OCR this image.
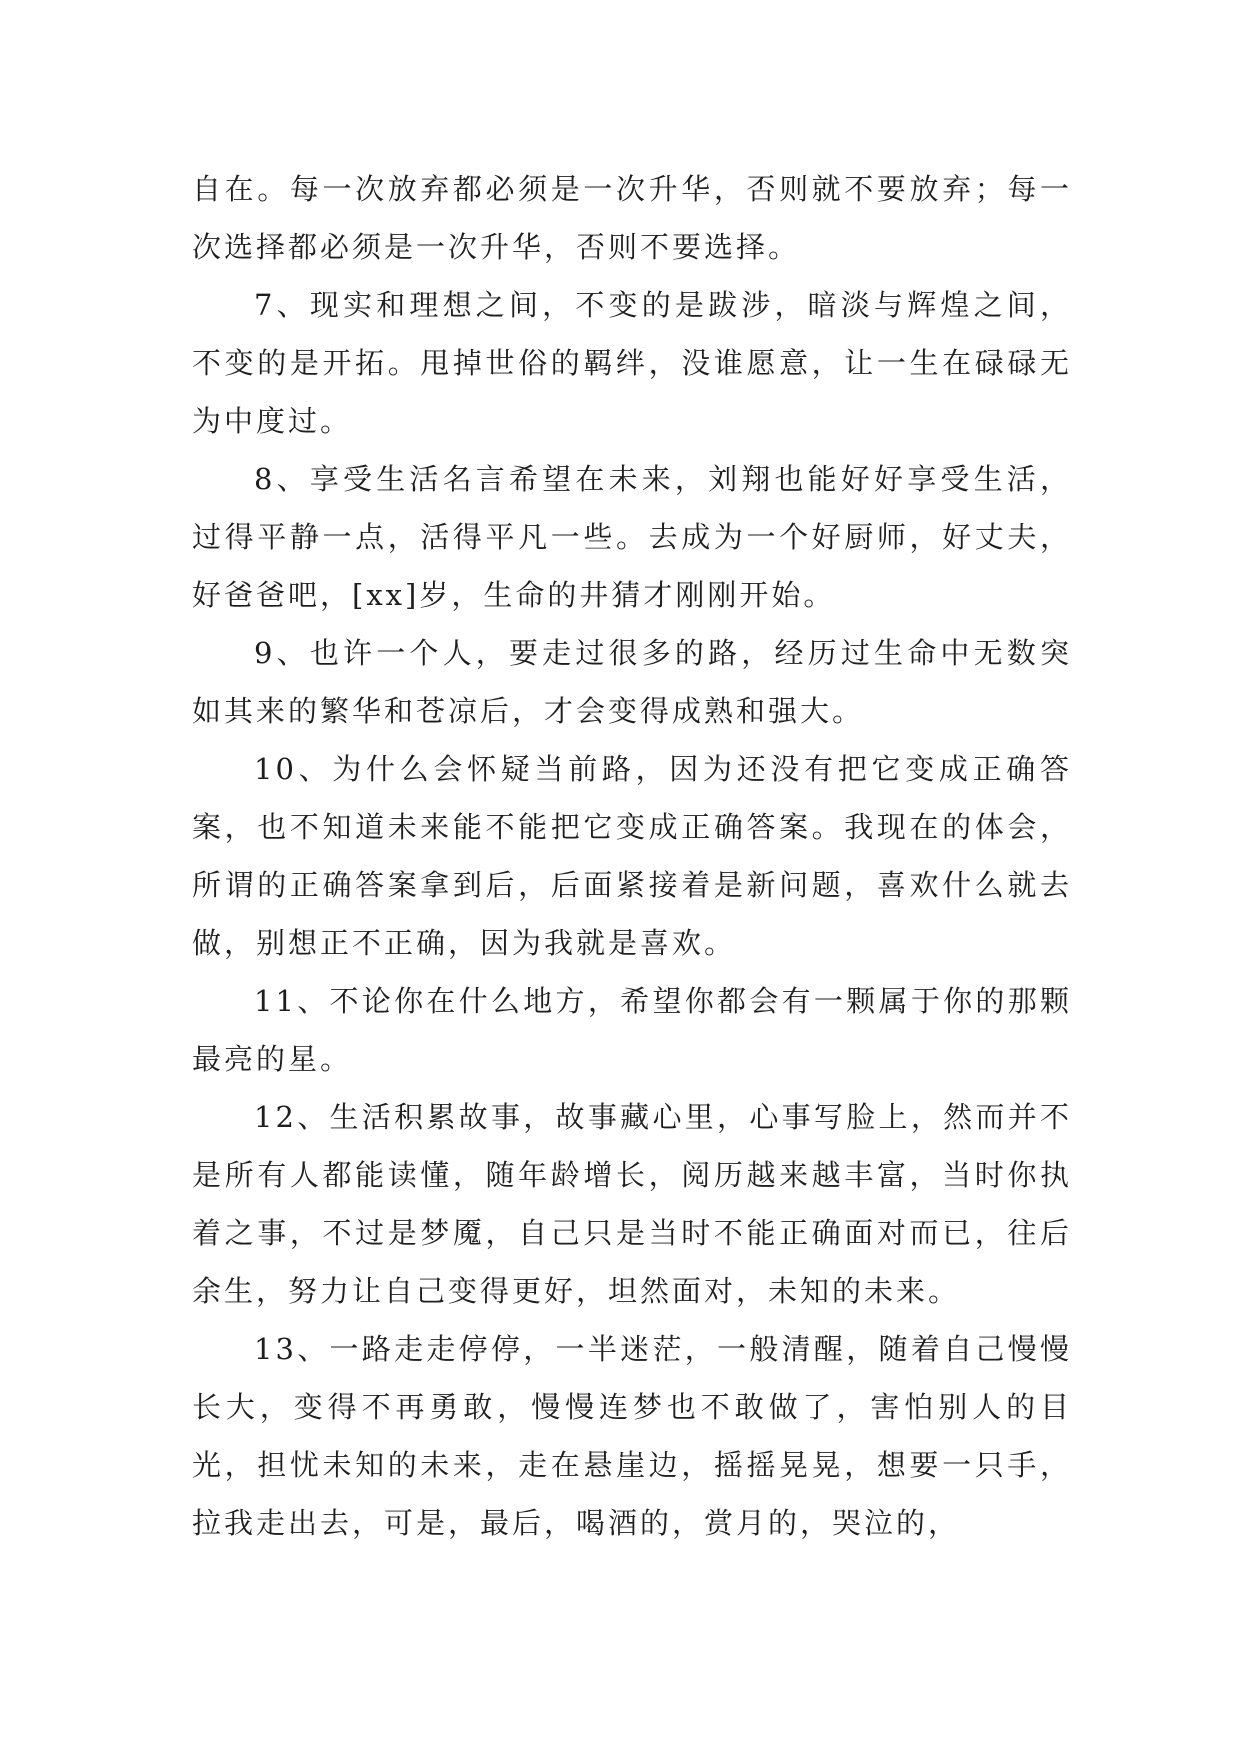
自在。每一次放弃都必须是一次升华，否则就不要放弃；每一次选择都必须是一次升华，否则不要选择。

7、现实和理想之间，不变的是跋涉，暗淡与辉煌之间，不变的是开拓。甩掉世俗的羁绊，没谁愿意，让一生在碌碌无为中度过。

8、享受生活名言希望在未来，刘翔也能好好享受生活，过得平静一点，活得平凡一些。去成为一个好厨师，好丈夫，好爸爸吧，[xx]岁，生命的井猜才刚刚开始。

9、也许一个人，要走过很多的路，经历过生命中无数突如其来的繁华和苍凉后，才会变得成熟和强大。

10、为什么会怀疑当前路，因为还没有把它变成正确答案，也不知道未来能不能把它变成正确答案。我现在的体会，所谓的正确答案拿到后，后面紧接着是新问题，喜欢什么就去做，别想正不正确，因为我就是喜欢。

11、不论你在什么地方，希望你都会有一颗属于你的那颗最亮的星。

12、生活积累故事，故事藏心里，心事写脸上，然而并不是所有人都能读懂，随年龄增长，阅历越来越丰富，当时你执着之事，不过是梦魇，自己只是当时不能正确面对而已，往后余生，努力让自己变得更好，坦然面对，未知的未来。

13、一路走走停停，一半迷茫，一般清醒，随着自己慢慢长大，变得不再勇敢，慢慢连梦也不敢做了，害怕别人的目光，担忧未知的未来，走在悬崖边，摇摇晃晃，想要一只手，拉我走出去，可是，最后，喝酒的，赏月的，哭泣的，
